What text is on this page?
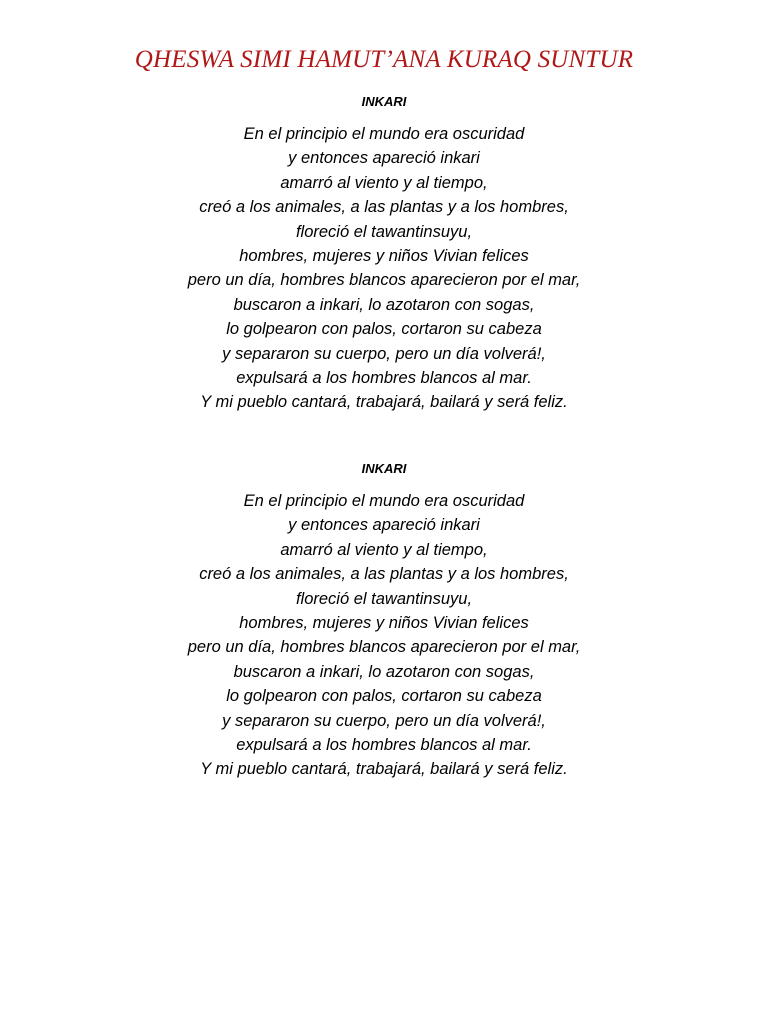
QHESWA SIMI HAMUT’ANA KURAQ SUNTUR
INKARI
En el principio el mundo era oscuridad
y entonces apareció inkari
amarró al viento y al tiempo,
creó a los animales, a las plantas y a los hombres,
floreció el tawantinsuyu,
hombres, mujeres y niños Vivian felices
pero un día, hombres blancos aparecieron por el mar,
buscaron a inkari, lo azotaron con sogas,
lo golpearon con palos, cortaron su cabeza
y separaron su cuerpo, pero un día volverá!,
expulsará a los hombres blancos al mar.
Y mi pueblo cantará, trabajará, bailará y será feliz.
INKARI
En el principio el mundo era oscuridad
y entonces apareció inkari
amarró al viento y al tiempo,
creó a los animales, a las plantas y a los hombres,
floreció el tawantinsuyu,
hombres, mujeres y niños Vivian felices
pero un día, hombres blancos aparecieron por el mar,
buscaron a inkari, lo azotaron con sogas,
lo golpearon con palos, cortaron su cabeza
y separaron su cuerpo, pero un día volverá!,
expulsará a los hombres blancos al mar.
Y mi pueblo cantará, trabajará, bailará y será feliz.
